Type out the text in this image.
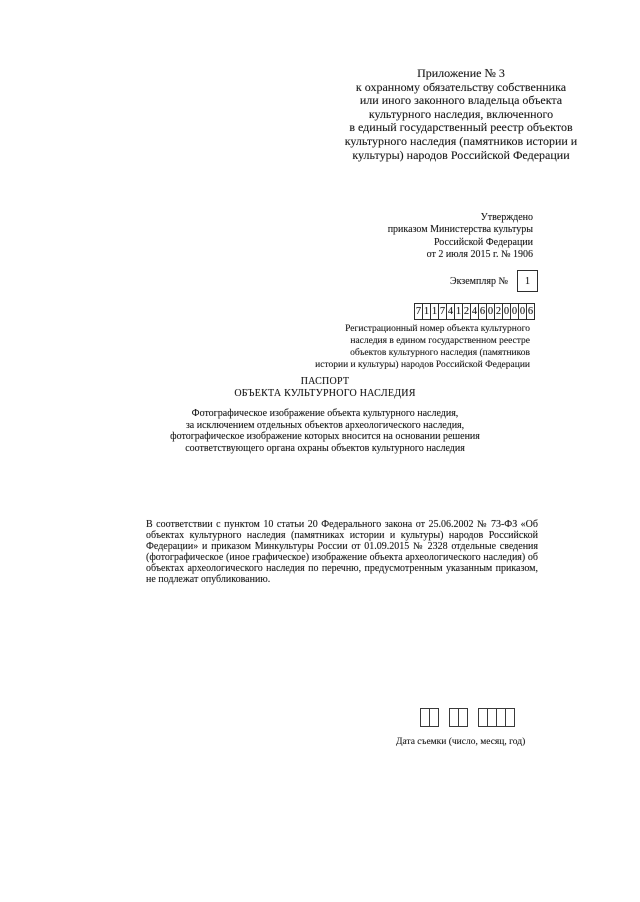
Приложение № 3
к охранному обязательству собственника
или иного законного владельца объекта
культурного наследия, включенного
в единый государственный реестр объектов
культурного наследия (памятников истории и
культуры) народов Российской Федерации
Утверждено
приказом Министерства культуры
Российской Федерации
от 2 июля 2015 г. № 1906
Экземпляр №	1
7 1 1 7 4 1 2 4 6 0 2 0 0 0 6
Регистрационный номер объекта культурного
наследия в едином государственном реестре
объектов культурного наследия (памятников
истории и культуры) народов Российской Федерации
ПАСПОРТ
ОБЪЕКТА КУЛЬТУРНОГО НАСЛЕДИЯ
Фотографическое изображение объекта культурного наследия,
за исключением отдельных объектов археологического наследия,
фотографическое изображение которых вносится на основании решения
соответствующего органа охраны объектов культурного наследия
В соответствии с пунктом 10 статьи 20 Федерального закона от 25.06.2002 № 73-ФЗ «Об объектах культурного наследия (памятниках истории и культуры) народов Российской Федерации» и приказом Минкультуры России от 01.09.2015 № 2328 отдельные сведения (фотографическое (иное графическое) изображение объекта археологического наследия) об объектах археологического наследия по перечню, предусмотренным указанным приказом, не подлежат опубликованию.
Дата съемки (число, месяц, год)
